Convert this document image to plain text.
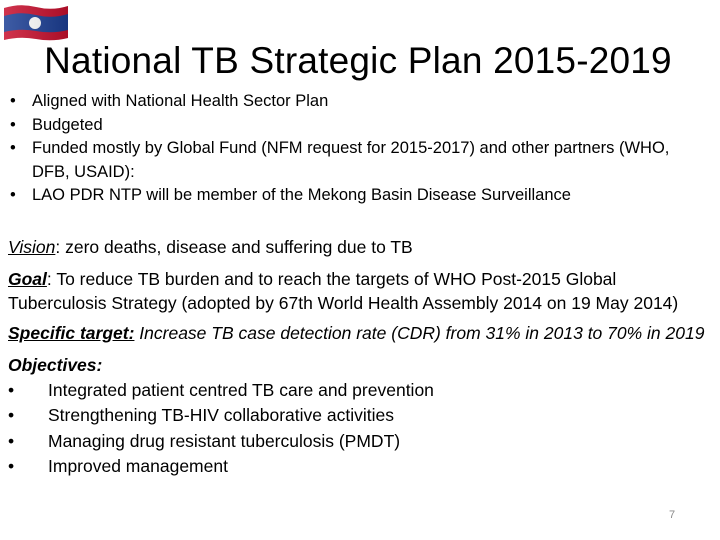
National TB Strategic Plan 2015-2019
• Aligned with National Health Sector Plan
• Budgeted
• Funded mostly by Global Fund (NFM request for 2015-2017) and other partners (WHO, DFB, USAID):
• LAO PDR NTP will be member of the Mekong Basin Disease Surveillance
Vision: zero deaths, disease and suffering due to TB
Goal: To reduce TB burden and to reach the targets of WHO Post-2015 Global Tuberculosis Strategy (adopted by 67th World Health Assembly 2014 on 19 May 2014)
Specific target: Increase TB case detection rate (CDR) from 31% in 2013 to 70% in 2019
Objectives:
• Integrated patient centred TB care and prevention
• Strengthening TB-HIV collaborative activities
• Managing drug resistant tuberculosis (PMDT)
• Improved management
7
